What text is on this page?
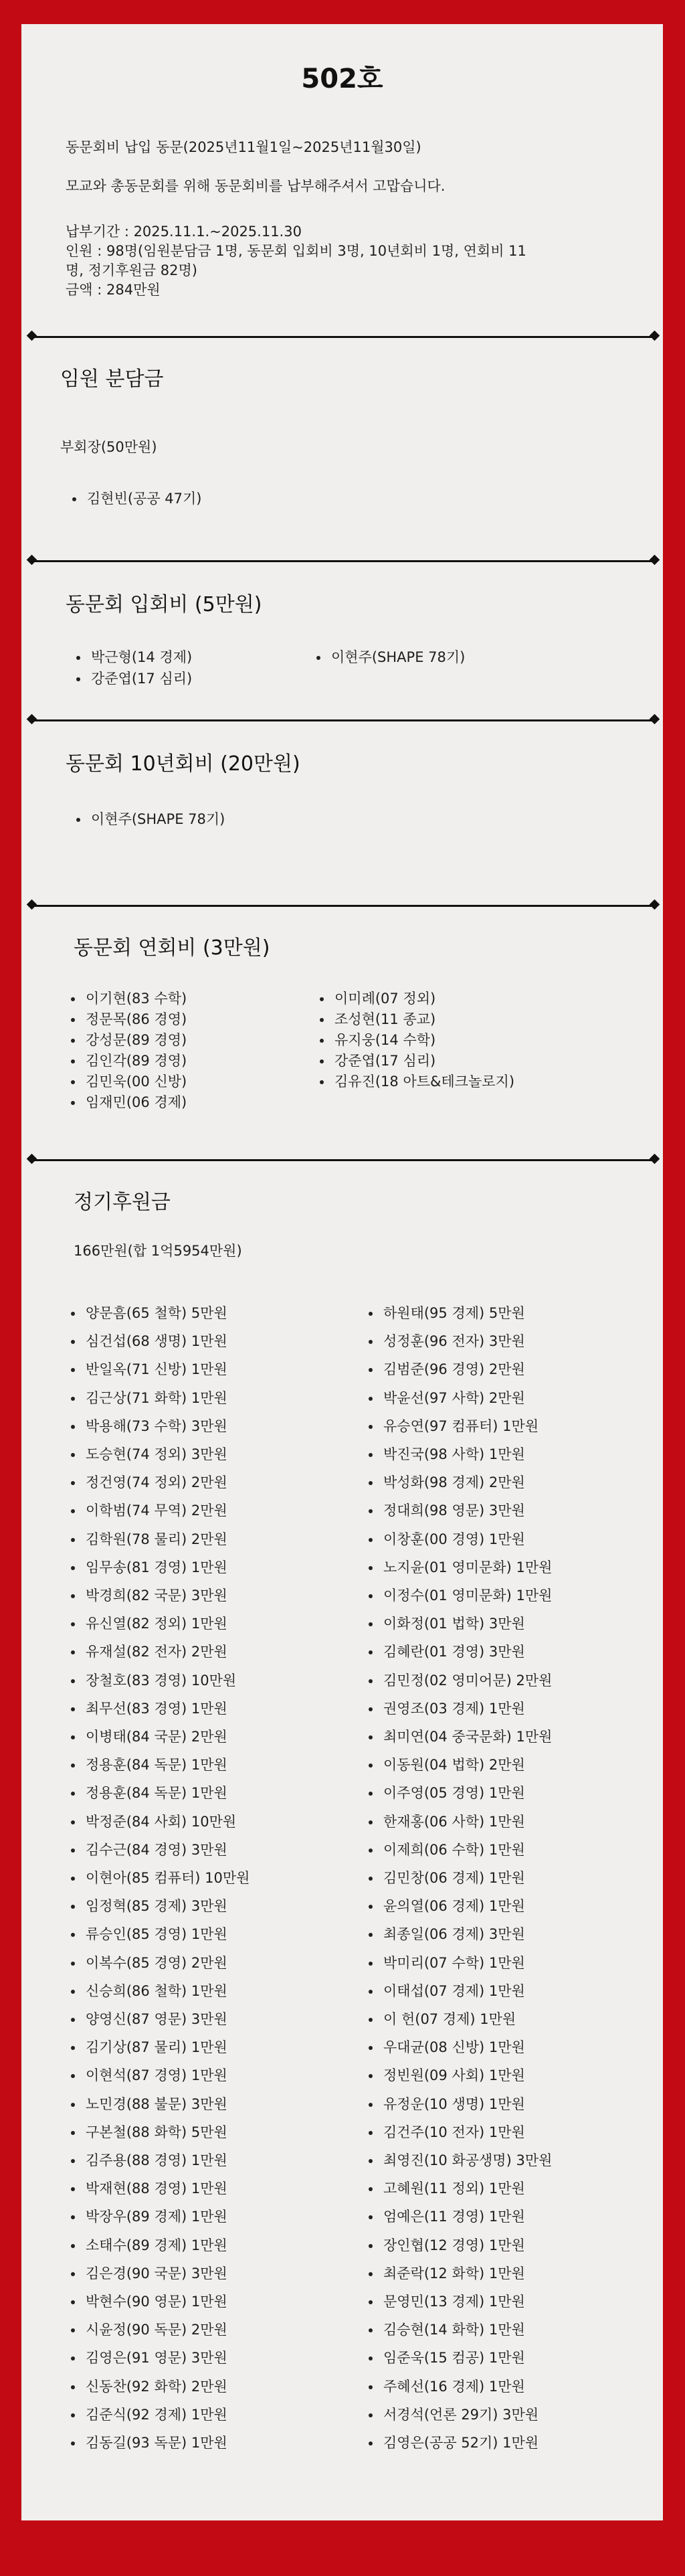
502호
동문회비 납입 동문(2025년11월1일~2025년11월30일)
모교와 총동문회를 위해 동문회비를 납부해주셔서 고맙습니다.
납부기간 : 2025.11.1.~2025.11.30
인원 : 98명(임원분담금 1명, 동문회 입회비 3명, 10년회비 1명, 연회비 11
명, 정기후원금 82명)
금액 : 284만원
임원 분담금
부회장(50만원)
김현빈(공공 47기)
동문회 입회비 (5만원)
박근형(14 경제)
강준엽(17 심리)
이현주(SHAPE 78기)
동문회 10년회비 (20만원)
이현주(SHAPE 78기)
동문회 연회비 (3만원)
정기후원금
166만원(합 1억5954만원)
이기현(83 수학)
정문목(86 경영)
강성문(89 경영)
김인각(89 경영)
김민욱(00 신방)
임재민(06 경제)
이미례(07 정외)
조성현(11 종교)
유지웅(14 수학)
강준엽(17 심리)
김유진(18 아트&테크놀로지)
양문흠(65 철학) 5만원
심건섭(68 생명) 1만원
반일옥(71 신방) 1만원
김근상(71 화학) 1만원
박용해(73 수학) 3만원
도승현(74 정외) 3만원
정건영(74 정외) 2만원
이학범(74 무역) 2만원
김학원(78 물리) 2만원
임무송(81 경영) 1만원
박경희(82 국문) 3만원
유신열(82 정외) 1만원
유재설(82 전자) 2만원
장철호(83 경영) 10만원
최무선(83 경영) 1만원
이병태(84 국문) 2만원
정용훈(84 독문) 1만원
정용훈(84 독문) 1만원
박정준(84 사회) 10만원
김수근(84 경영) 3만원
이현아(85 컴퓨터) 10만원
임정혁(85 경제) 3만원
류승인(85 경영) 1만원
이복수(85 경영) 2만원
신승희(86 철학) 1만원
양영신(87 영문) 3만원
김기상(87 물리) 1만원
이현석(87 경영) 1만원
노민경(88 불문) 3만원
구본철(88 화학) 5만원
김주용(88 경영) 1만원
박재현(88 경영) 1만원
박장우(89 경제) 1만원
소태수(89 경제) 1만원
김은경(90 국문) 3만원
박현수(90 영문) 1만원
시윤정(90 독문) 2만원
김영은(91 영문) 3만원
신동찬(92 화학) 2만원
김준식(92 경제) 1만원
김동길(93 독문) 1만원
하원태(95 경제) 5만원
성정훈(96 전자) 3만원
김범준(96 경영) 2만원
박윤선(97 사학) 2만원
유승연(97 컴퓨터) 1만원
박진국(98 사학) 1만원
박성화(98 경제) 2만원
정대희(98 영문) 3만원
이창훈(00 경영) 1만원
노지윤(01 영미문화) 1만원
이정수(01 영미문화) 1만원
이화정(01 법학) 3만원
김혜란(01 경영) 3만원
김민정(02 영미어문) 2만원
권영조(03 경제) 1만원
최미연(04 중국문화) 1만원
이동원(04 법학) 2만원
이주영(05 경영) 1만원
한재홍(06 사학) 1만원
이제희(06 수학) 1만원
김민창(06 경제) 1만원
윤의열(06 경제) 1만원
최종일(06 경제) 3만원
박미리(07 수학) 1만원
이태섭(07 경제) 1만원
이 헌(07 경제) 1만원
우대균(08 신방) 1만원
정빈원(09 사회) 1만원
유정운(10 생명) 1만원
김건주(10 전자) 1만원
최영진(10 화공생명) 3만원
고혜원(11 정외) 1만원
엄예은(11 경영) 1만원
장인협(12 경영) 1만원
최준락(12 화학) 1만원
문영민(13 경제) 1만원
김승현(14 화학) 1만원
임준욱(15 컴공) 1만원
주혜선(16 경제) 1만원
서경석(언론 29기) 3만원
김영은(공공 52기) 1만원
